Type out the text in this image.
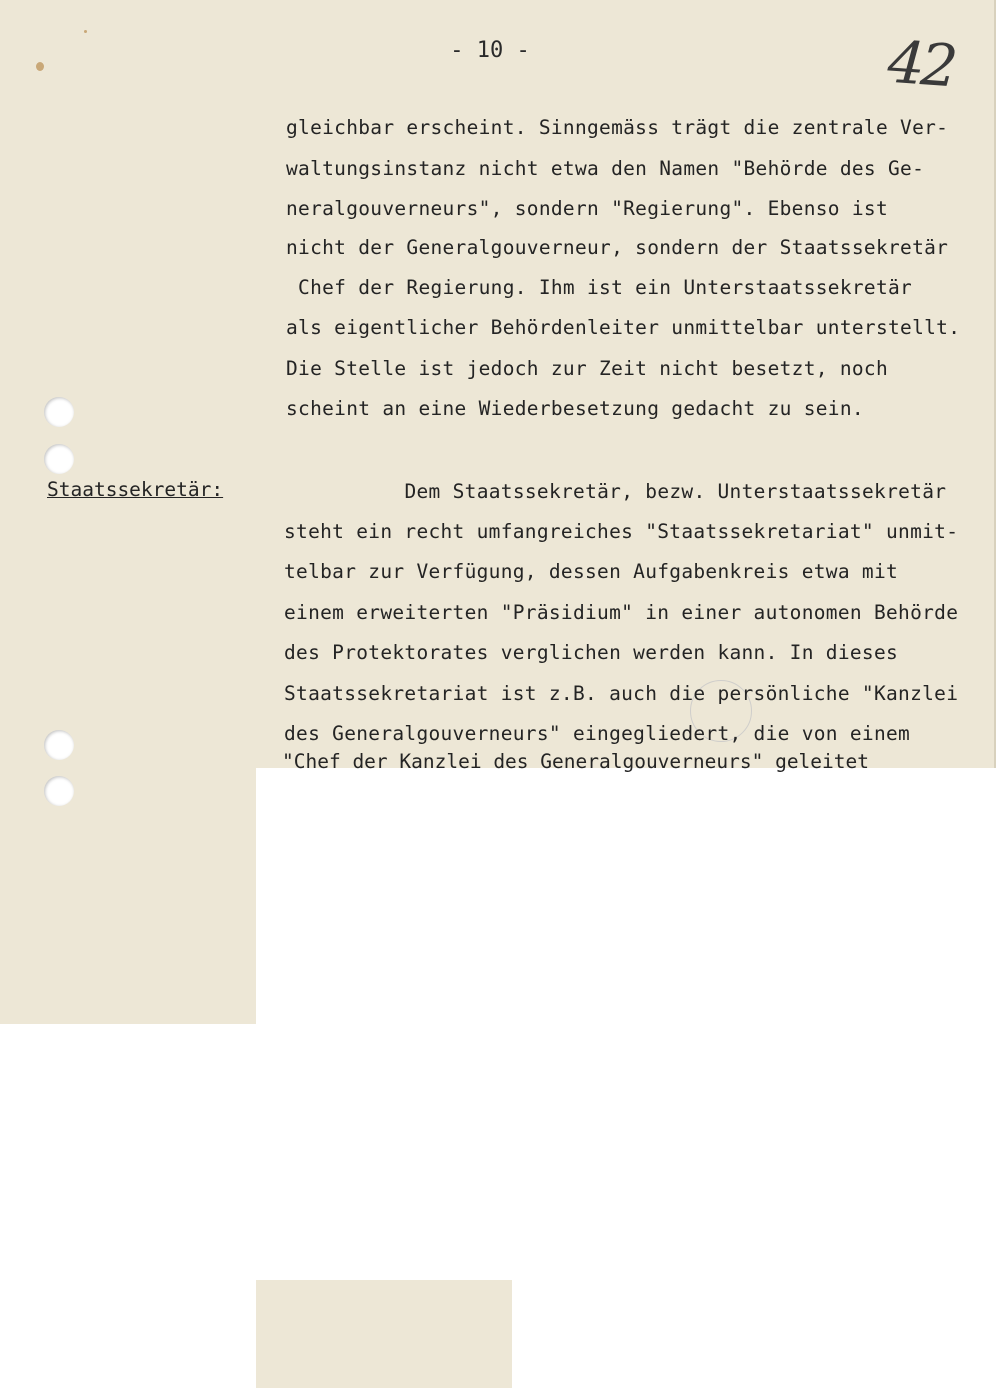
- 10 -	42
Staatssekretär:

gleichbar erscheint. Sinngemäss trägt die zentrale Ver-

waltungsinstanz nicht etwa den Namen "Behörde des Ge-

neralgouverneurs", sondern "Regierung". Ebenso ist

nicht der Generalgouverneur, sondern der Staatssekretär

Chef der Regierung. Ihm ist ein Unterstaatssekretär

als eigentlicher Behördenleiter unmittelbar unterstellt.

Die Stelle ist jedoch zur Zeit nicht besetzt, noch

scheint an eine Wiederbesetzung gedacht zu sein.

Dem Staatssekretär, bezw. Unterstaatssekretär

steht ein recht umfangreiches "Staatssekretariat" unmit-

telbar zur Verfügung, dessen Aufgabenkreis etwa mit

einem erweiterten "Präsidium" in einer autonomen Behörde

des Protektorates verglichen werden kann. In dieses

Staatssekretariat ist z.B. auch die persönliche "Kanzlei

des Generalgouverneurs" eingegliedert, die von einem

"Chef der Kanzlei des Generalgouverneurs" geleitet
